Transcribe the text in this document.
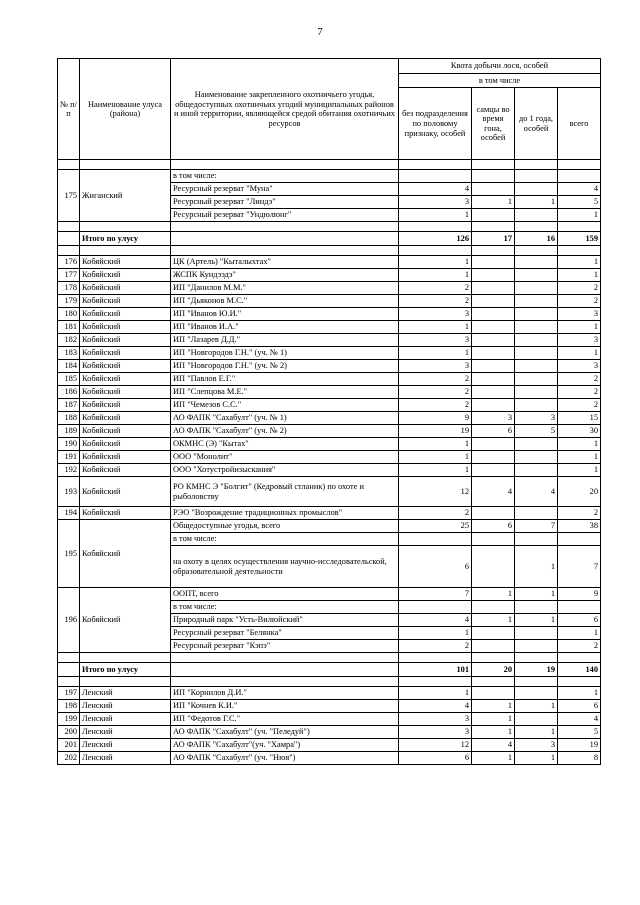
7
№ п/п	Наименование улуса (района)	Наименование закрепленного охотничьего угодья, общедоступных охотничьих угодий муниципальных районов и иной территории, являющейся средой обитания охотничьих ресурсов	Квота добычи лося, особей			
			в том числе			
			без подразделения по половому признаку, особей	самцы во время гона, особей	до 1 года, особей	всего

175	Жиганский	в том числе:				
		Ресурсный резерват "Муна"	4			4
		Ресурсный резерват "Линдэ"	3	1	1	5
		Ресурсный резерват "Ундюлюнг"	1			1

	Итого по улусу		126	17	16	159

176	Кобяйский	ЦК (Артель) "Кыталыхтах"	1			1
177	Кобяйский	ЖСПК Кундээдэ"	1			1
178	Кобяйский	ИП "Данилов М.М."	2			2
179	Кобяйский	ИП "Дьяконов М.С."	2			2
180	Кобяйский	ИП "Иванов Ю.И."	3			3
181	Кобяйский	ИП "Иванов И.А."	1			1
182	Кобяйский	ИП "Лазарев Д.Д."	3			3
183	Кобяйский	ИП "Новгородов Г.Н." (уч. № 1)	1			1
184	Кобяйский	ИП "Новгородов Г.Н." (уч. № 2)	3			3
185	Кобяйский	ИП "Павлов Е.Г."	2			2
186	Кобяйский	ИП "Слепцова М.Е."	2			2
187	Кобяйский	ИП "Чемезов С.С."	2			2
188	Кобяйский	АО ФАПК "Сахабулт" (уч. № 1)	9	3	3	15
189	Кобяйский	АО ФАПК "Сахабулт" (уч. № 2)	19	6	5	30
190	Кобяйский	ОКМНС (Э) "Кытах"	1			1
191	Кобяйский	ООО "Монолит"	1			1
192	Кобяйский	ООО "Хотустройизыскания"	1			1
193	Кобяйский	РО КМНС Э "Болгит" (Кедровый стланик) по охоте и рыболовству	12	4	4	20
194	Кобяйский	РЭО "Возрождение традиционных промыслов"	2			2
195	Кобяйский	Общедоступные угодья, всего	25	6	7	38
		в том числе:				
		на охоту в целях осуществления научно-исследовательской, образовательной деятельности	6		1	7
196	Кобяйский	ООПТ, всего	7	1	1	9
		в том числе:				
		Природный парк "Усть-Вилюйский"	4	1	1	6
		Ресурсный резерват "Белянка"	1			1
		Ресурсный резерват "Кэпэ"	2			2

	Итого по улусу		101	20	19	140

197	Ленский	ИП "Корнилов Д.И."	1			1
198	Ленский	ИП "Кочнев К.И."	4	1	1	6
199	Ленский	ИП "Федотов Г.С."	3	1		4
200	Ленский	АО ФАПК "Сахабулт" (уч. "Пеледуй")	3	1	1	5
201	Ленский	АО ФАПК "Сахабулт"(уч. "Хамра")	12	4	3	19
202	Ленский	АО ФАПК "Сахабулт" (уч. "Нюя")	6	1	1	8
